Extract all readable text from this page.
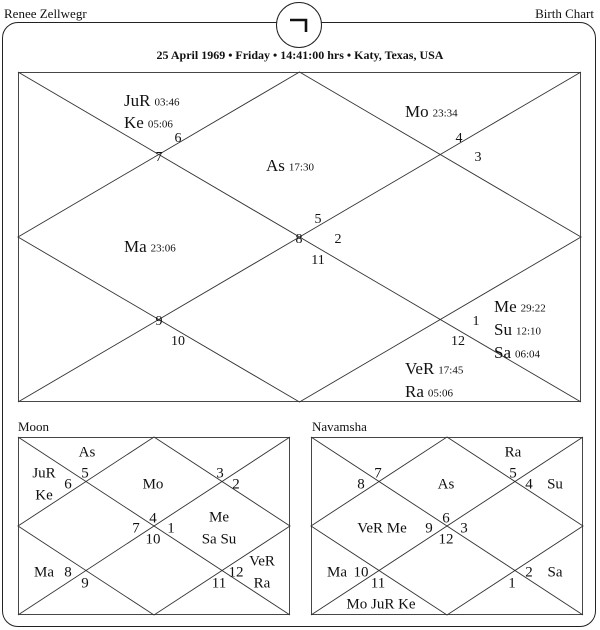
Renee Zellwegr	Birth Chart
25 April 1969 • Friday • 14:41:00 hrs • Katy, Texas, USA
5
As 17:30
4
Mo 23:34
3
2
1
Me 29:22
Su 12:10
Sa 06:04
12
VeR 17:45
Ra 05:06
11
10
9
8
Ma 23:06
7
6
JuR 03:46
Ke 05:06
Moon
4
Mo
3
2
1
Me
Sa Su
12
VeR
Ra
11
10
9
8
Ma
7
6
JuR
Ke
5
As
Navamsha
6
As
5
Ra
4 Su
3
2 Sa
1
12
11
Mo JuR Ke
10
Ma
9
VeR Me
8
7
